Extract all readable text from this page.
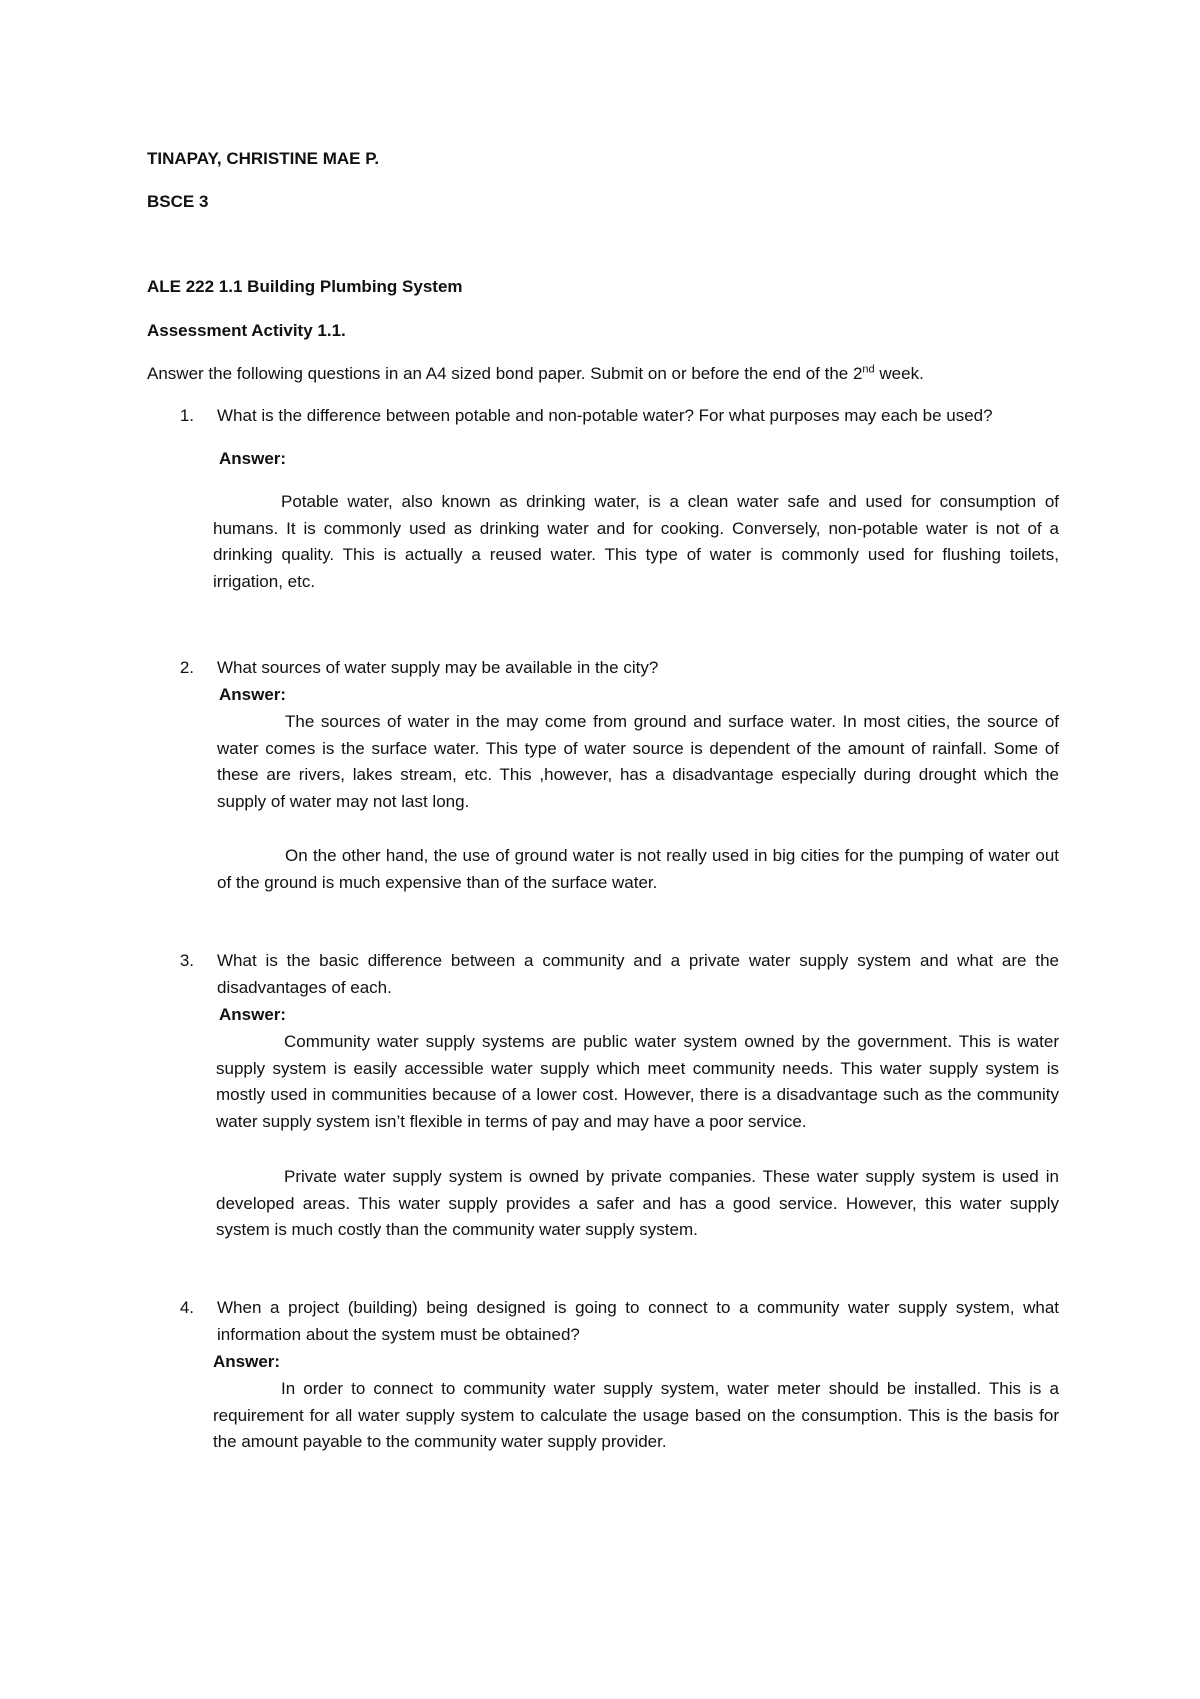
TINAPAY, CHRISTINE MAE P.
BSCE 3
ALE 222 1.1 Building Plumbing System
Assessment Activity 1.1.
Answer the following questions in an A4 sized bond paper. Submit on or before the end of the 2nd week.
1. What is the difference between potable and non-potable water? For what purposes may each be used?
Answer:

Potable water, also known as drinking water, is a clean water safe and used for consumption of humans. It is commonly used as drinking water and for cooking. Conversely, non-potable water is not of a drinking quality. This is actually a reused water. This type of water is commonly used for flushing toilets, irrigation, etc.

2. What sources of water supply may be available in the city?
Answer:

The sources of water in the may come from ground and surface water. In most cities, the source of water comes is the surface water. This type of water source is dependent of the amount of rainfall. Some of these are rivers, lakes stream, etc. This ,however, has a disadvantage especially during drought which the supply of water may not last long.

On the other hand, the use of ground water is not really used in big cities for the pumping of water out of the ground is much expensive than of the surface water.

3. What is the basic difference between a community and a private water supply system and what are the disadvantages of each.

Answer:

Community water supply systems are public water system owned by the government. This is water supply system is easily accessible water supply which meet community needs. This water supply system is mostly used in communities because of a lower cost. However, there is a disadvantage such as the community water supply system isn’t flexible in terms of pay and may have a poor service.

Private water supply system is owned by private companies. These water supply system is used in developed areas. This water supply provides a safer and has a good service. However, this water supply system is much costly than the community water supply system.

4. When a project (building) being designed is going to connect to a community water supply system, what information about the system must be obtained?

Answer:

In order to connect to community water supply system, water meter should be installed. This is a requirement for all water supply system to calculate the usage based on the consumption. This is the basis for the amount payable to the community water supply provider.
